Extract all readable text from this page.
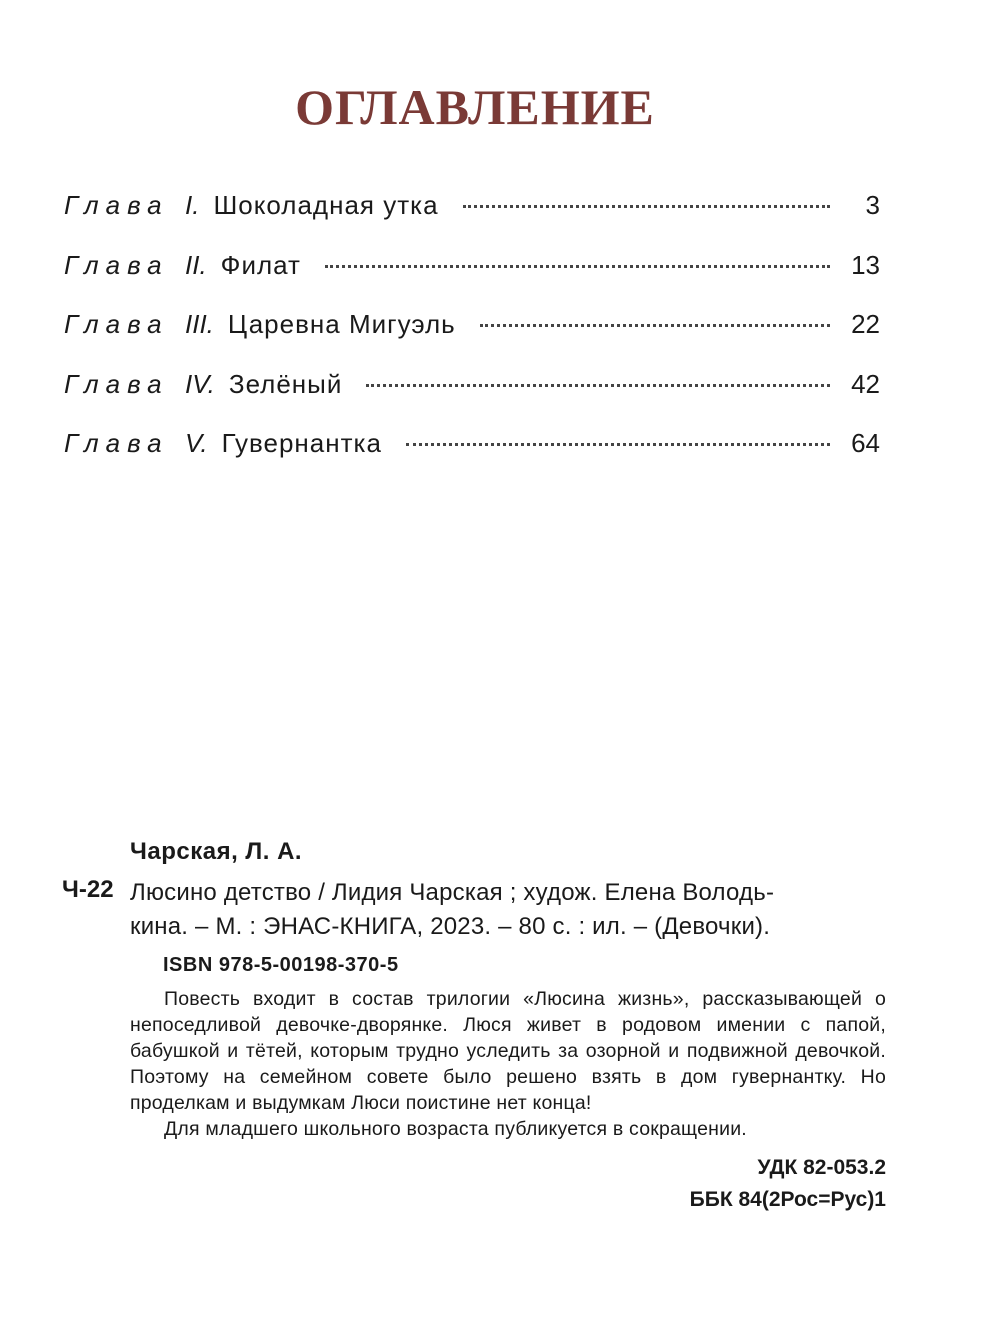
ОГЛАВЛЕНИЕ
Глава I. Шоколадная утка	3
Глава II. Филат	13
Глава III. Царевна Мигуэль	22
Глава IV. Зелёный	42
Глава V. Гувернантка	64
Чарская, Л. А.
Ч-22 Люсино детство / Лидия Чарская ; худож. Елена Володь-
кина. – М. : ЭНАС-КНИГА, 2023. – 80 с. : ил. – (Девочки).
ISBN 978-5-00198-370-5
Повесть входит в состав трилогии «Люсина жизнь», рассказывающей о непоседливой девочке-дворянке. Люся живет в родовом имении с папой, бабушкой и тётей, которым трудно уследить за озорной и подвижной девочкой. Поэтому на семейном совете было решено взять в дом гувернантку. Но проделкам и выдумкам Люси поистине нет конца!
Для младшего школьного возраста публикуется в сокращении.
УДК 82-053.2
ББК 84(2Рос=Рус)1
